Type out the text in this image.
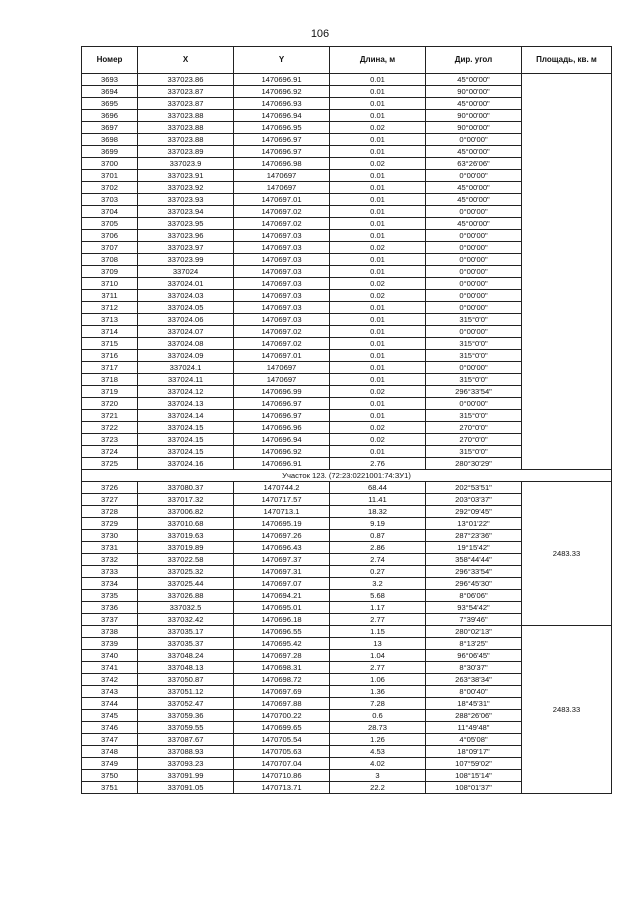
106
Номер	X	Y	Длина, м	Дир. угол	Площадь, кв. м
3693	337023.86	1470696.91	0.01	45°00'00"	
3694	337023.87	1470696.92	0.01	90°00'00"	
3695	337023.87	1470696.93	0.01	45°00'00"	
3696	337023.88	1470696.94	0.01	90°00'00"	
3697	337023.88	1470696.95	0.02	90°00'00"	
3698	337023.88	1470696.97	0.01	0°00'00"	
3699	337023.89	1470696.97	0.01	45°00'00"	
3700	337023.9	1470696.98	0.02	63°26'06"	
3701	337023.91	1470697	0.01	0°00'00"	
3702	337023.92	1470697	0.01	45°00'00"	
3703	337023.93	1470697.01	0.01	45°00'00"	
3704	337023.94	1470697.02	0.01	0°00'00"	
3705	337023.95	1470697.02	0.01	45°00'00"	
3706	337023.96	1470697.03	0.01	0°00'00"	
3707	337023.97	1470697.03	0.02	0°00'00"	
3708	337023.99	1470697.03	0.01	0°00'00"	
3709	337024	1470697.03	0.01	0°00'00"	
3710	337024.01	1470697.03	0.02	0°00'00"	
3711	337024.03	1470697.03	0.02	0°00'00"	
3712	337024.05	1470697.03	0.01	0°00'00"	
3713	337024.06	1470697.03	0.01	315°0'0"	
3714	337024.07	1470697.02	0.01	0°00'00"	
3715	337024.08	1470697.02	0.01	315°0'0"	
3716	337024.09	1470697.01	0.01	315°0'0"	
3717	337024.1	1470697	0.01	0°00'00"	
3718	337024.11	1470697	0.01	315°0'0"	
3719	337024.12	1470696.99	0.02	296°33'54"	
3720	337024.13	1470696.97	0.01	0°00'00"	
3721	337024.14	1470696.97	0.01	315°0'0"	
3722	337024.15	1470696.96	0.02	270°0'0"	
3723	337024.15	1470696.94	0.02	270°0'0"	
3724	337024.15	1470696.92	0.01	315°0'0"	
3725	337024.16	1470696.91	2.76	280°30'29"	
Участок 123. (72:23:0221001:74:ЗУ1)					
3726	337080.37	1470744.2	68.44	202°53'51"	2483.33
3727	337017.32	1470717.57	11.41	203°03'37"	
3728	337006.82	1470713.1	18.32	292°09'45"	
3729	337010.68	1470695.19	9.19	13°01'22"	
3730	337019.63	1470697.26	0.87	287°23'36"	
3731	337019.89	1470696.43	2.86	19°15'42"	
3732	337022.58	1470697.37	2.74	358°44'44"	
3733	337025.32	1470697.31	0.27	296°33'54"	
3734	337025.44	1470697.07	3.2	296°45'30"	
3735	337026.88	1470694.21	5.68	8°06'06"	
3736	337032.5	1470695.01	1.17	93°54'42"	
3737	337032.42	1470696.18	2.77	7°39'46"	
3738	337035.17	1470696.55	1.15	280°02'13"	2483.33
3739	337035.37	1470695.42	13	8°13'25"	
3740	337048.24	1470697.28	1.04	96°06'45"	
3741	337048.13	1470698.31	2.77	8°30'37"	
3742	337050.87	1470698.72	1.06	263°38'34"	
3743	337051.12	1470697.69	1.36	8°00'40"	
3744	337052.47	1470697.88	7.28	18°45'31"	
3745	337059.36	1470700.22	0.6	288°26'06"	
3746	337059.55	1470699.65	28.73	11°49'48"	
3747	337087.67	1470705.54	1.26	4°05'08"	
3748	337088.93	1470705.63	4.53	18°09'17"	
3749	337093.23	1470707.04	4.02	107°59'02"	
3750	337091.99	1470710.86	3	108°15'14"	
3751	337091.05	1470713.71	22.2	108°01'37"	
